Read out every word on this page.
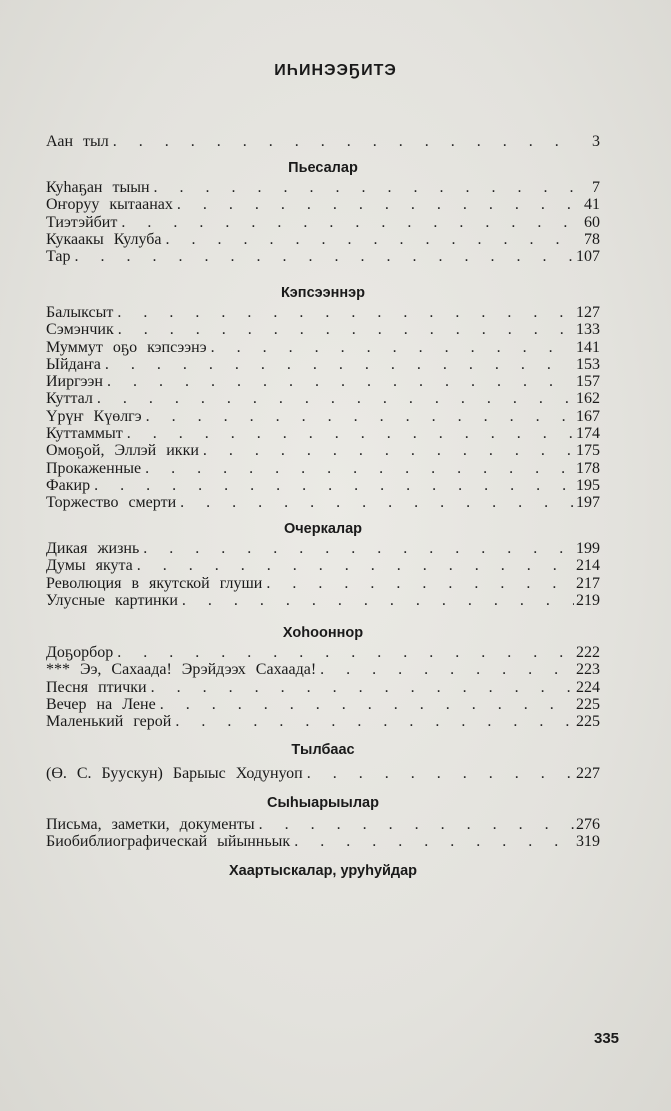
ИҺИНЭЭҔИТЭ
Аан тыл . . .	3
Пьесалар
Куһаҕан тыын . . .	7
Оҥоруу кытаанах . . .	41
Тиэтэйбит . . .	60
Кукаакы Кулуба . . .	78
Тар . . .	107
Кэпсээннэр
Балыксыт . . .	127
Сэмэнчик . . .	133
Муммут оҕо кэпсээнэ . . .	141
Ыйдаҥа . . .	153
Ииргээн . . .	157
Куттал . . .	162
Үрүҥ Күөлгэ . . .	167
Куттаммыт . . .	174
Омоҕой, Эллэй икки . . .	175
Прокаженные . . .	178
Факир . . .	195
Торжество смерти . . .	197
Очеркалар
Дикая жизнь . . .	199
Думы якута . . .	214
Революция в якутской глуши . . .	217
Улусные картинки . . .	219
Хоһооннор
Доҕорбор . . .	222
*** Ээ, Сахаада! Эрэйдээх Сахаада! . . .	223
Песня птички . . .	224
Вечер на Лене . . .	225
Маленький герой . . .	225
Тылбаас
(Ө. С. Буускун) Барыыс Ходунуоп . . .	227
Сыһыарыылар
Письма, заметки, документы . . .	276
Биобиблиографическай ыйынньык . . .	319
Хаартыскалар, уруһуйдар
335
